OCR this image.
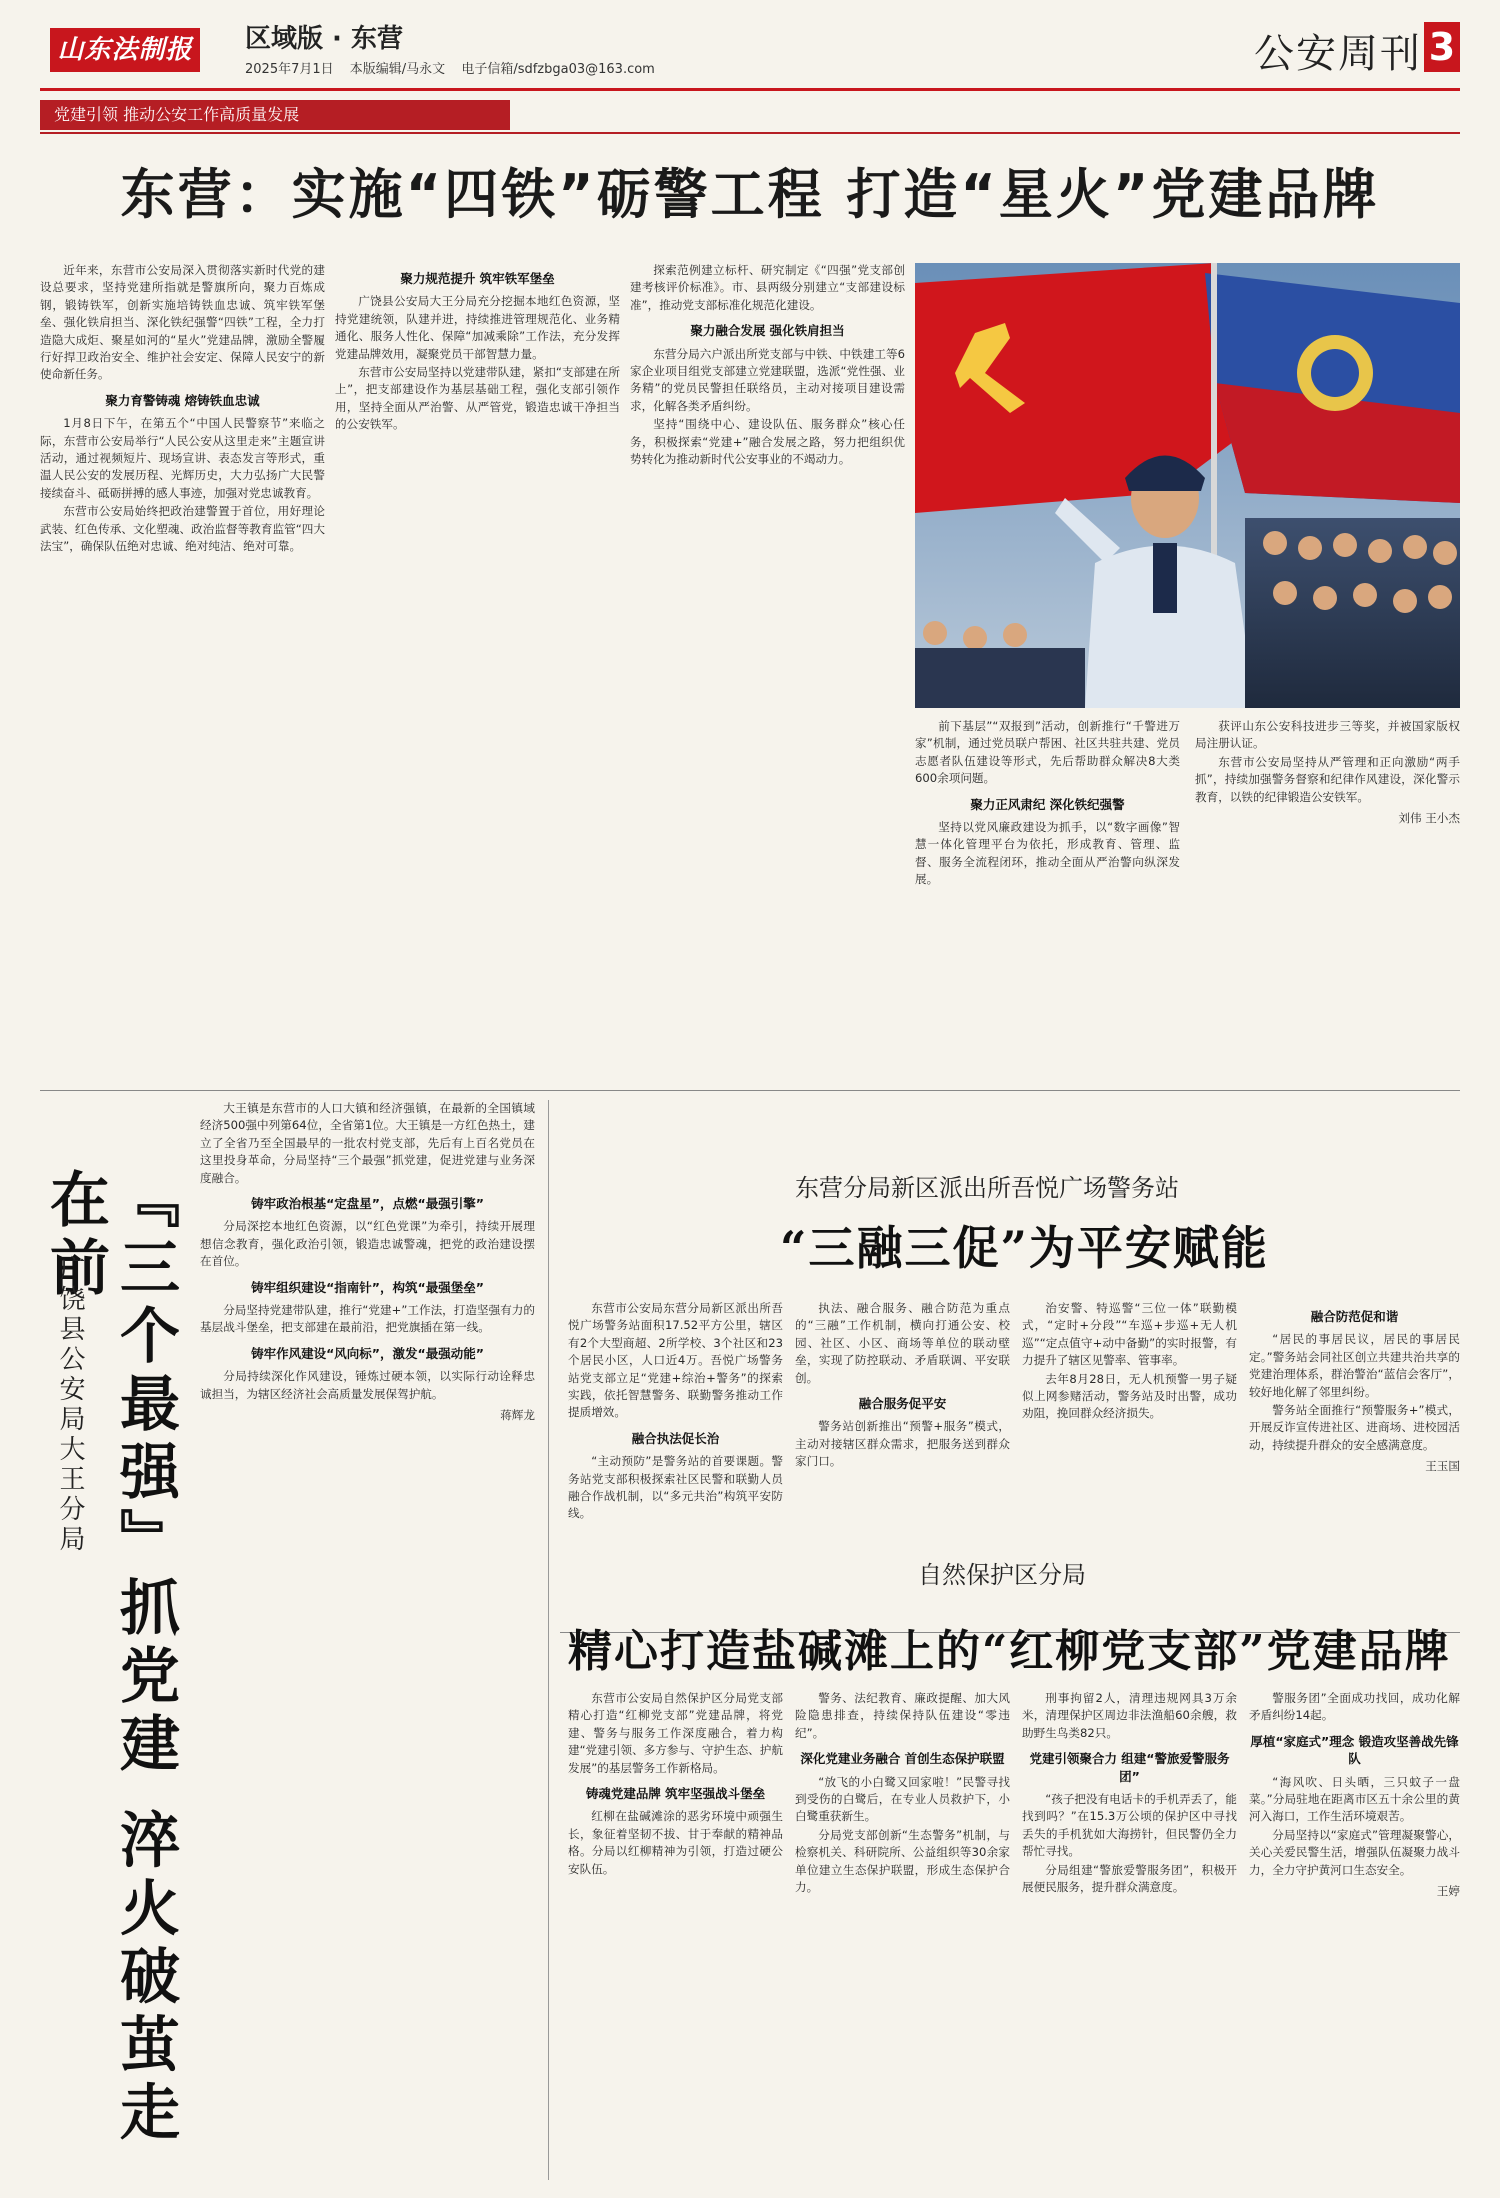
山东法制报 区域版 · 东营
2025年7月1日 本版编辑/马永文 电子信箱/sdfzbga03@163.com	公安周刊 3
党建引领 推动公安工作高质量发展
东营：实施“四铁”砺警工程 打造“星火”党建品牌

近年来，东营市公安局深入贯彻落实新时代党的建设总要求，坚持党建所指就是警旗所向，聚力百炼成钢，锻铸铁军，创新实施培铸铁血忠诚、筑牢铁军堡垒、强化铁肩担当、深化铁纪强警“四铁”工程，全力打造隐大成炬、聚星如河的“星火”党建品牌，激励全警履行好捍卫政治安全、维护社会安定、保障人民安宁的新使命新任务。

聚力育警铸魂 熔铸铁血忠诚

1月8日下午，在第五个“中国人民警察节”来临之际，东营市公安局举行“人民公安从这里走来”主题宣讲活动，通过视频短片、现场宣讲、表态发言等形式，重温人民公安的发展历程、光辉历史，大力弘扬广大民警接续奋斗、砥砺拼搏的感人事迹，加强对党忠诚教育。

东营市公安局始终把政治建警置于首位，用好理论武装、红色传承、文化塑魂、政治监督等教育监管“四大法宝”，确保队伍绝对忠诚、绝对纯洁、绝对可靠。

聚力规范提升 筑牢铁军堡垒

广饶县公安局大王分局充分挖掘本地红色资源，坚持党建统领，队建并进，持续推进管理规范化、业务精通化、服务人性化、保障“加减乘除”工作法，充分发挥党建品牌效用，凝聚党员干部智慧力量。

东营市公安局坚持以党建带队建，紧扣“支部建在所上”，把支部建设作为基层基础工程，强化支部引领作用，坚持全面从严治警、从严管党，锻造忠诚干净担当的公安铁军。

探索范例建立标杆、研究制定《“四强”党支部创建考核评价标准》。市、县两级分别建立“支部建设标准”，推动党支部标准化规范化建设。

聚力融合发展 强化铁肩担当

东营分局六户派出所党支部与中铁、中铁建工等6家企业项目组党支部建立党建联盟，选派“党性强、业务精”的党员民警担任联络员，主动对接项目建设需求，化解各类矛盾纠纷。

坚持“围绕中心、建设队伍、服务群众”核心任务，积极探索“党建+”融合发展之路，努力把组织优势转化为推动新时代公安事业的不竭动力。

前下基层”“双报到”活动，创新推行“千警进万家”机制，通过党员联户帮困、社区共驻共建、党员志愿者队伍建设等形式，先后帮助群众解决8大类600余项问题。

聚力正风肃纪 深化铁纪强警

坚持以党风廉政建设为抓手，以“数字画像”智慧一体化管理平台为依托，形成教育、管理、监督、服务全流程闭环，推动全面从严治警向纵深发展。

获评山东公安科技进步三等奖，并被国家版权局注册认证。

东营市公安局坚持从严管理和正向激励“两手抓”，持续加强警务督察和纪律作风建设，深化警示教育，以铁的纪律锻造公安铁军。

刘伟 王小杰

『三个最强』抓党建 淬火破茧走在前
广饶县公安局大王分局

大王镇是东营市的人口大镇和经济强镇，在最新的全国镇域经济500强中列第64位，全省第1位。大王镇是一方红色热土，建立了全省乃至全国最早的一批农村党支部，先后有上百名党员在这里投身革命，分局坚持“三个最强”抓党建，促进党建与业务深度融合。

铸牢政治根基“定盘星”，点燃“最强引擎”

分局深挖本地红色资源，以“红色党课”为牵引，持续开展理想信念教育，强化政治引领，锻造忠诚警魂，把党的政治建设摆在首位。

铸牢组织建设“指南针”，构筑“最强堡垒”

分局坚持党建带队建，推行“党建+”工作法，打造坚强有力的基层战斗堡垒，把支部建在最前沿，把党旗插在第一线。

铸牢作风建设“风向标”，激发“最强动能”

分局持续深化作风建设，锤炼过硬本领，以实际行动诠释忠诚担当，为辖区经济社会高质量发展保驾护航。

蒋辉龙

东营分局新区派出所吾悦广场警务站
“三融三促”为平安赋能

东营市公安局东营分局新区派出所吾悦广场警务站面积17.52平方公里，辖区有2个大型商超、2所学校、3个社区和23个居民小区，人口近4万。吾悦广场警务站党支部立足“党建+综治+警务”的探索实践，依托智慧警务、联勤警务推动工作提质增效。

融合执法促长治

“主动预防”是警务站的首要课题。警务站党支部积极探索社区民警和联勤人员融合作战机制，以“多元共治”构筑平安防线。

执法、融合服务、融合防范为重点的“三融”工作机制，横向打通公安、校园、社区、小区、商场等单位的联动壁垒，实现了防控联动、矛盾联调、平安联创。

融合服务促平安

警务站创新推出“预警+服务”模式，主动对接辖区群众需求，把服务送到群众家门口。

治安警、特巡警“三位一体”联勤模式，“定时+分段”“车巡+步巡+无人机巡”“定点值守+动中备勤”的实时报警，有力提升了辖区见警率、管事率。

去年8月28日，无人机预警一男子疑似上网参赌活动，警务站及时出警，成功劝阻，挽回群众经济损失。

融合防范促和谐

“居民的事居民议，居民的事居民定。”警务站会同社区创立共建共治共享的党建治理体系，群治警治“蓝信会客厅”，较好地化解了邻里纠纷。

警务站全面推行“预警服务+”模式，开展反诈宣传进社区、进商场、进校园活动，持续提升群众的安全感满意度。

王玉国

自然保护区分局
精心打造盐碱滩上的“红柳党支部”党建品牌

东营市公安局自然保护区分局党支部精心打造“红柳党支部”党建品牌，将党建、警务与服务工作深度融合，着力构建“党建引领、多方参与、守护生态、护航发展”的基层警务工作新格局。

铸魂党建品牌 筑牢坚强战斗堡垒

红柳在盐碱滩涂的恶劣环境中顽强生长，象征着坚韧不拔、甘于奉献的精神品格。分局以红柳精神为引领，打造过硬公安队伍。

警务、法纪教育、廉政提醒、加大风险隐患排查，持续保持队伍建设“零违纪”。

深化党建业务融合 首创生态保护联盟

“放飞的小白鹭又回家啦！”民警寻找到受伤的白鹭后，在专业人员救护下，小白鹭重获新生。

分局党支部创新“生态警务”机制，与检察机关、科研院所、公益组织等30余家单位建立生态保护联盟，形成生态保护合力。

刑事拘留2人，清理违规网具3万余米，清理保护区周边非法渔船60余艘，救助野生鸟类82只。

党建引领聚合力 组建“警旅爱警服务团”

“孩子把没有电话卡的手机弄丢了，能找到吗？”在15.3万公顷的保护区中寻找丢失的手机犹如大海捞针，但民警仍全力帮忙寻找。

分局组建“警旅爱警服务团”，积极开展便民服务，提升群众满意度。

警服务团”全面成功找回，成功化解矛盾纠纷14起。

厚植“家庭式”理念 锻造攻坚善战先锋队

“海风吹、日头晒，三只蚊子一盘菜。”分局驻地在距离市区五十余公里的黄河入海口，工作生活环境艰苦。

分局坚持以“家庭式”管理凝聚警心，关心关爱民警生活，增强队伍凝聚力战斗力，全力守护黄河口生态安全。

王婷
